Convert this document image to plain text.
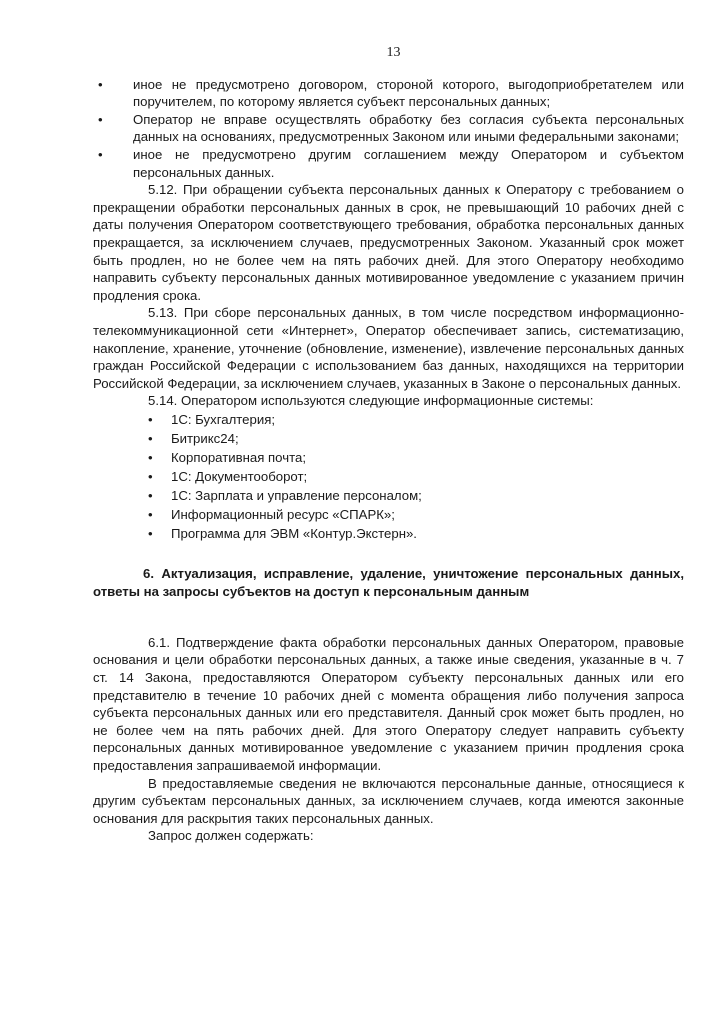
13
• иное не предусмотрено договором, стороной которого, выгодоприобретателем или поручителем, по которому является субъект персональных данных;
• Оператор не вправе осуществлять обработку без согласия субъекта персональных данных на основаниях, предусмотренных Законом или иными федеральными законами;
• иное не предусмотрено другим соглашением между Оператором и субъектом персональных данных.

5.12. При обращении субъекта персональных данных к Оператору с требованием о прекращении обработки персональных данных в срок, не превышающий 10 рабочих дней с даты получения Оператором соответствующего требования, обработка персональных данных прекращается, за исключением случаев, предусмотренных Законом. Указанный срок может быть продлен, но не более чем на пять рабочих дней. Для этого Оператору необходимо направить субъекту персональных данных мотивированное уведомление с указанием причин продления срока.

5.13. При сборе персональных данных, в том числе посредством информационно-телекоммуникационной сети «Интернет», Оператор обеспечивает запись, систематизацию, накопление, хранение, уточнение (обновление, изменение), извлечение персональных данных граждан Российской Федерации с использованием баз данных, находящихся на территории Российской Федерации, за исключением случаев, указанных в Законе о персональных данных.

5.14. Оператором используются следующие информационные системы:

• 1С: Бухгалтерия;
• Битрикс24;
• Корпоративная почта;
• 1С: Документооборот;
• 1С: Зарплата и управление персоналом;
• Информационный ресурс «СПАРК»;
• Программа для ЭВМ «Контур.Экстерн».

6. Актуализация, исправление, удаление, уничтожение персональных данных, ответы на запросы субъектов на доступ к персональным данным

6.1. Подтверждение факта обработки персональных данных Оператором, правовые основания и цели обработки персональных данных, а также иные сведения, указанные в ч. 7 ст. 14 Закона, предоставляются Оператором субъекту персональных данных или его представителю в течение 10 рабочих дней с момента обращения либо получения запроса субъекта персональных данных или его представителя. Данный срок может быть продлен, но не более чем на пять рабочих дней. Для этого Оператору следует направить субъекту персональных данных мотивированное уведомление с указанием причин продления срока предоставления запрашиваемой информации.

В предоставляемые сведения не включаются персональные данные, относящиеся к другим субъектам персональных данных, за исключением случаев, когда имеются законные основания для раскрытия таких персональных данных.

Запрос должен содержать:
